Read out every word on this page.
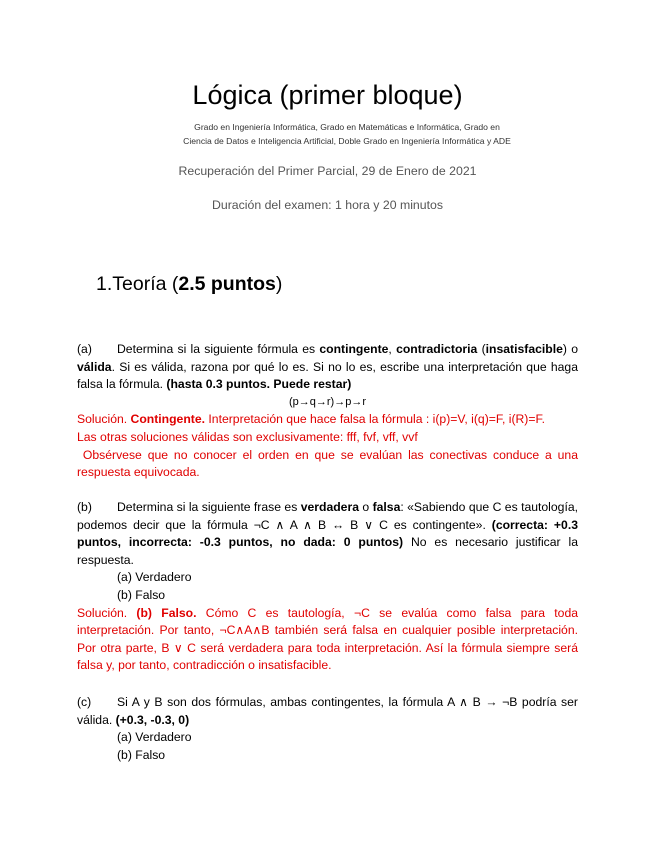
Lógica (primer bloque)
Grado en Ingeniería Informática, Grado en Matemáticas e Informática, Grado en
Ciencia de Datos e Inteligencia Artificial, Doble Grado en Ingeniería Informática y ADE
Recuperación del Primer Parcial, 29 de Enero de 2021
Duración del examen: 1 hora y 20 minutos
1.Teoría (2.5 puntos)
(a) Determina si la siguiente fórmula es contingente, contradictoria (insatisfacible) o válida. Si es válida, razona por qué lo es. Si no lo es, escribe una interpretación que haga falsa la fórmula. (hasta 0.3 puntos. Puede restar)
(p→q→r)→p→r
Solución. Contingente. Interpretación que hace falsa la fórmula : i(p)=V, i(q)=F, i(R)=F.
Las otras soluciones válidas son exclusivamente: fff, fvf, vff, vvf
Obsérvese que no conocer el orden en que se evalúan las conectivas conduce a una respuesta equivocada.
(b) Determina si la siguiente frase es verdadera o falsa: «Sabiendo que C es tautología, podemos decir que la fórmula ¬C ∧ A ∧ B ↔ B ∨ C es contingente». (correcta: +0.3 puntos, incorrecta: -0.3 puntos, no dada: 0 puntos) No es necesario justificar la respuesta.
(a) Verdadero
(b) Falso
Solución. (b) Falso. Cómo C es tautología, ¬C se evalúa como falsa para toda interpretación. Por tanto, ¬C∧A∧B también será falsa en cualquier posible interpretación. Por otra parte, B ∨ C será verdadera para toda interpretación. Así la fórmula siempre será falsa y, por tanto, contradicción o insatisfacible.
(c) Si A y B son dos fórmulas, ambas contingentes, la fórmula A ∧ B → ¬B podría ser válida. (+0.3, -0.3, 0)
(a) Verdadero
(b) Falso
